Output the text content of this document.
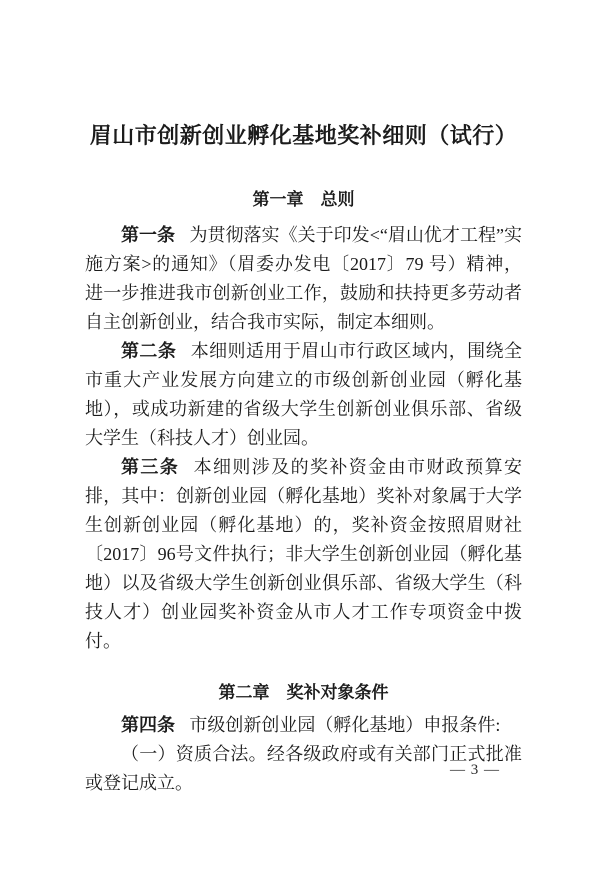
眉山市创新创业孵化基地奖补细则（试行）
第一章　总则

第一条 为贯彻落实《关于印发<“眉山优才工程”实施方案>的通知》（眉委办发电〔2017〕79 号）精神，进一步推进我市创新创业工作，鼓励和扶持更多劳动者自主创新创业，结合我市实际，制定本细则。

第二条 本细则适用于眉山市行政区域内，围绕全市重大产业发展方向建立的市级创新创业园（孵化基地），或成功新建的省级大学生创新创业俱乐部、省级大学生（科技人才）创业园。

第三条 本细则涉及的奖补资金由市财政预算安排，其中：创新创业园（孵化基地）奖补对象属于大学生创新创业园（孵化基地）的，奖补资金按照眉财社〔2017〕96号文件执行；非大学生创新创业园（孵化基地）以及省级大学生创新创业俱乐部、省级大学生（科技人才）创业园奖补资金从市人才工作专项资金中拨付。

第二章　奖补对象条件

第四条 市级创新创业园（孵化基地）申报条件:

（一）资质合法。经各级政府或有关部门正式批准或登记成立。

— 3 —
